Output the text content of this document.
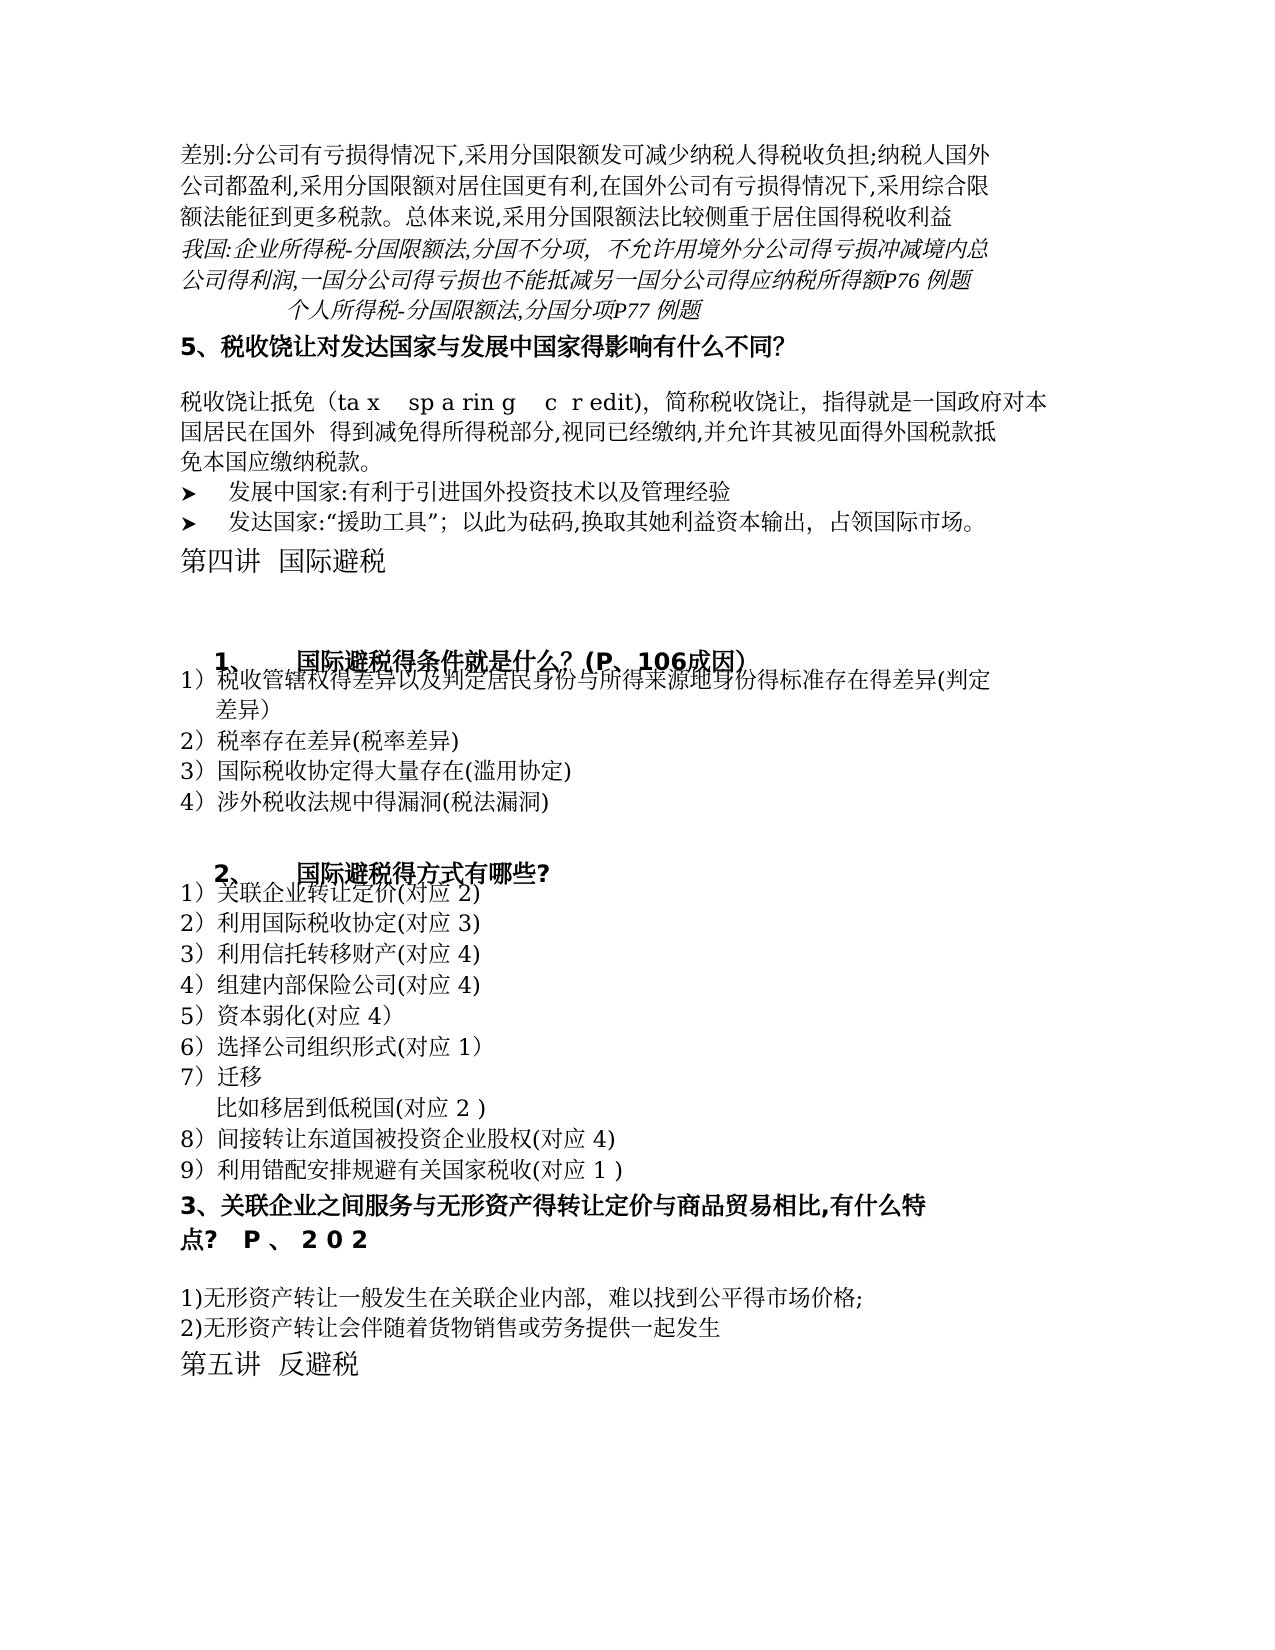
差别:分公司有亏损得情况下,采用分国限额发可减少纳税人得税收负担;纳税人国外
公司都盈利,采用分国限额对居住国更有利,在国外公司有亏损得情况下,采用综合限
额法能征到更多税款。总体来说,采用分国限额法比较侧重于居住国得税收利益
我国:企业所得税-分国限额法,分国不分项，不允许用境外分公司得亏损冲减境内总
公司得利润,一国分公司得亏损也不能抵减另一国分公司得应纳税所得额P76 例题
个人所得税-分国限额法,分国分项P77 例题
5、税收饶让对发达国家与发展中国家得影响有什么不同？
税收饶让抵免（ta x    sp a rin g    c  r edit)，简称税收饶让，指得就是一国政府对本
国居民在国外  得到减免得所得税部分,视同已经缴纳,并允许其被见面得外国税款抵
免本国应缴纳税款。

发展中国家:有利于引进国外投资技术以及管理经验

发达国家:“援助工具”；以此为砝码,换取其她利益资本输出，占领国际市场。

第四讲  国际避税

1、 国际避税得条件就是什么？(P、106成因）

1）税收管辖权得差异以及判定居民身份与所得来源地身份得标准存在得差异(判定
差异）
2）税率存在差异(税率差异)
3）国际税收协定得大量存在(滥用协定)
4）涉外税收法规中得漏洞(税法漏洞)

2、 国际避税得方式有哪些?

1）关联企业转让定价(对应 2)
2）利用国际税收协定(对应 3)
3）利用信托转移财产(对应 4)
4）组建内部保险公司(对应 4)
5）资本弱化(对应 4）
6）选择公司组织形式(对应 1）
7）迁移
比如移居到低税国(对应 2 )
8）间接转让东道国被投资企业股权(对应 4)
9）利用错配安排规避有关国家税收(对应 1 )
3、关联企业之间服务与无形资产得转让定价与商品贸易相比,有什么特
点?   P 、 2 0 2
1)无形资产转让一般发生在关联企业内部，难以找到公平得市场价格;
2)无形资产转让会伴随着货物销售或劳务提供一起发生
第五讲  反避税
